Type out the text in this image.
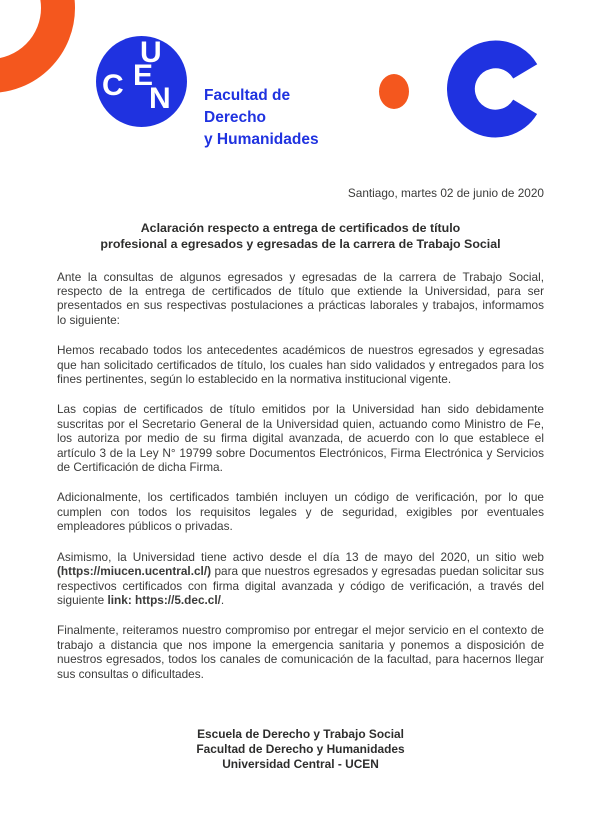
U
E
C N Facultad de
Derecho
y Humanidades
Santiago, martes 02 de junio de 2020
Aclaración respecto a entrega de certificados de título
profesional a egresados y egresadas de la carrera de Trabajo Social

Ante la consultas de algunos egresados y egresadas de la carrera de Trabajo Social, respecto de la entrega de certificados de título que extiende la Universidad, para ser presentados en sus respectivas postulaciones a prácticas laborales y trabajos, informamos lo siguiente:

Hemos recabado todos los antecedentes académicos de nuestros egresados y egresadas que han solicitado certificados de título, los cuales han sido validados y entregados para los fines pertinentes, según lo establecido en la normativa institucional vigente.

Las copias de certificados de título emitidos por la Universidad han sido debidamente suscritas por el Secretario General de la Universidad quien, actuando como Ministro de Fe, los autoriza por medio de su firma digital avanzada, de acuerdo con lo que establece el artículo 3 de la Ley N° 19799 sobre Documentos Electrónicos, Firma Electrónica y Servicios de Certificación de dicha Firma.

Adicionalmente, los certificados también incluyen un código de verificación, por lo que cumplen con todos los requisitos legales y de seguridad, exigibles por eventuales empleadores públicos o privadas.

Asimismo, la Universidad tiene activo desde el día 13 de mayo del 2020, un sitio web (https://miucen.ucentral.cl/) para que nuestros egresados y egresadas puedan solicitar sus respectivos certificados con firma digital avanzada y código de verificación, a través del siguiente link: https://5.dec.cl/.

Finalmente, reiteramos nuestro compromiso por entregar el mejor servicio en el contexto de trabajo a distancia que nos impone la emergencia sanitaria y ponemos a disposición de nuestros egresados, todos los canales de comunicación de la facultad, para hacernos llegar sus consultas o dificultades.

Escuela de Derecho y Trabajo Social
Facultad de Derecho y Humanidades
Universidad Central - UCEN
